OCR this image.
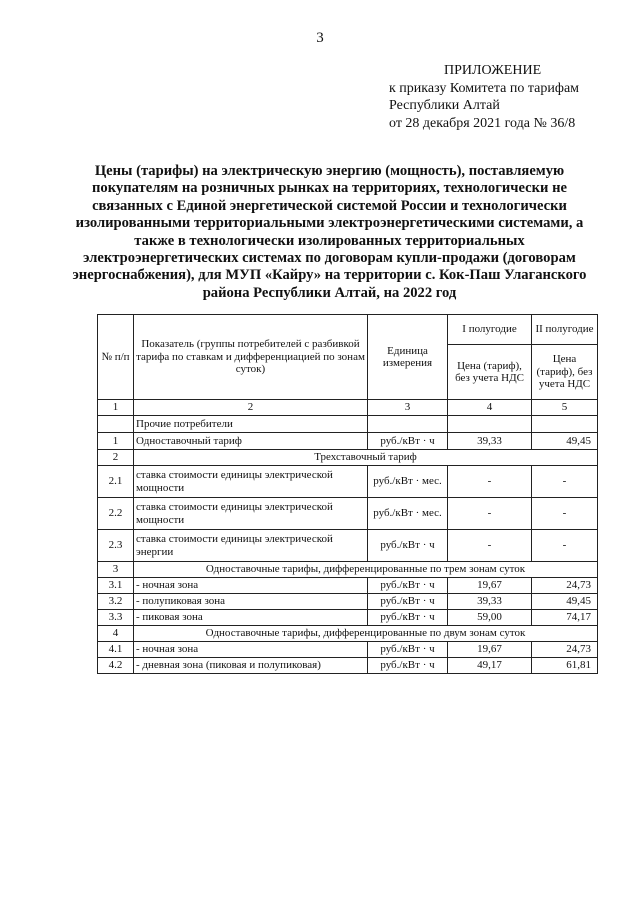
3
ПРИЛОЖЕНИЕ
к приказу Комитета по тарифам
Республики Алтай
от 28 декабря 2021 года № 36/8
Цены (тарифы) на электрическую энергию (мощность), поставляемую покупателям на розничных рынках на территориях, технологически не связанных с Единой энергетической системой России и технологически изолированными территориальными электроэнергетическими системами, а также в технологически изолированных территориальных электроэнергетических системах по договорам купли-продажи (договорам энергоснабжения), для МУП «Кайру» на территории с. Кок-Паш Улаганского района Республики Алтай, на 2022 год
№ п/п	Показатель (группы потребителей с разбивкой тарифа по ставкам и дифференциацией по зонам суток)	Единица измерения	I полугодие	II полугодие
			Цена (тариф), без учета НДС	Цена (тариф), без учета НДС
1	2	3	4	5
	Прочие потребители			
1	Одноставочный тариф	руб./кВт · ч	39,33	49,45
2	Трехставочный тариф			
2.1	ставка стоимости единицы электрической мощности	руб./кВт · мес.	-	-
2.2	ставка стоимости единицы электрической мощности	руб./кВт · мес.	-	-
2.3	ставка стоимости единицы электрической энергии	руб./кВт · ч	-	-
3	Одноставочные тарифы, дифференцированные по трем зонам суток			
3.1	- ночная зона	руб./кВт · ч	19,67	24,73
3.2	- полупиковая зона	руб./кВт · ч	39,33	49,45
3.3	- пиковая зона	руб./кВт · ч	59,00	74,17
4	Одноставочные тарифы, дифференцированные по двум зонам суток			
4.1	- ночная зона	руб./кВт · ч	19,67	24,73
4.2	- дневная зона (пиковая и полупиковая)	руб./кВт · ч	49,17	61,81
